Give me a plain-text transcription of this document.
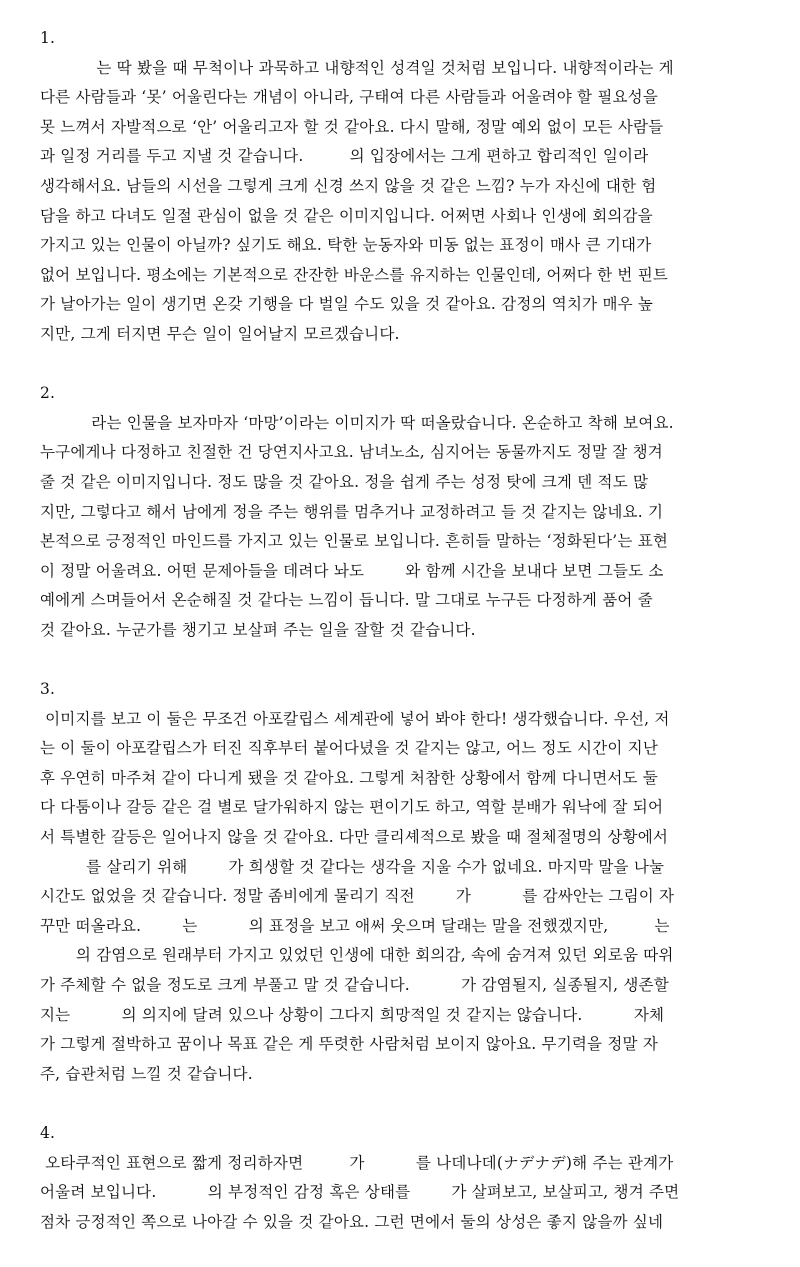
1.
는 딱 봤을 때 무척이나 과묵하고 내향적인 성격일 것처럼 보입니다. 내향적이라는 게
다른 사람들과 ‘못’ 어울린다는 개념이 아니라, 구태여 다른 사람들과 어울려야 할 필요성을
못 느껴서 자발적으로 ‘안’ 어울리고자 할 것 같아요. 다시 말해, 정말 예외 없이 모든 사람들
과 일정 거리를 두고 지낼 것 같습니다.         의 입장에서는 그게 편하고 합리적인 일이라
생각해서요. 남들의 시선을 그렇게 크게 신경 쓰지 않을 것 같은 느낌? 누가 자신에 대한 험
담을 하고 다녀도 일절 관심이 없을 것 같은 이미지입니다. 어쩌면 사회나 인생에 회의감을
가지고 있는 인물이 아닐까? 싶기도 해요. 탁한 눈동자와 미동 없는 표정이 매사 큰 기대가
없어 보입니다. 평소에는 기본적으로 잔잔한 바운스를 유지하는 인물인데, 어쩌다 한 번 핀트
가 날아가는 일이 생기면 온갖 기행을 다 벌일 수도 있을 것 같아요. 감정의 역치가 매우 높
지만, 그게 터지면 무슨 일이 일어날지 모르겠습니다.
2.
라는 인물을 보자마자 ‘마망’이라는 이미지가 딱 떠올랐습니다. 온순하고 착해 보여요.
누구에게나 다정하고 친절한 건 당연지사고요. 남녀노소, 심지어는 동물까지도 정말 잘 챙겨
줄 것 같은 이미지입니다. 정도 많을 것 같아요. 정을 쉽게 주는 성정 탓에 크게 덴 적도 많
지만, 그렇다고 해서 남에게 정을 주는 행위를 멈추거나 교정하려고 들 것 같지는 않네요. 기
본적으로 긍정적인 마인드를 가지고 있는 인물로 보입니다. 흔히들 말하는 ‘정화된다’는 표현
이 정말 어울려요. 어떤 문제아들을 데려다 놔도        와 함께 시간을 보내다 보면 그들도 소
예에게 스며들어서 온순해질 것 같다는 느낌이 듭니다. 말 그대로 누구든 다정하게 품어 줄
것 같아요. 누군가를 챙기고 보살펴 주는 일을 잘할 것 같습니다.
3.
이미지를 보고 이 둘은 무조건 아포칼립스 세계관에 넣어 봐야 한다! 생각했습니다. 우선, 저
는 이 둘이 아포칼립스가 터진 직후부터 붙어다녔을 것 같지는 않고, 어느 정도 시간이 지난
후 우연히 마주쳐 같이 다니게 됐을 것 같아요. 그렇게 처참한 상황에서 함께 다니면서도 둘
다 다툼이나 갈등 같은 걸 별로 달가워하지 않는 편이기도 하고, 역할 분배가 워낙에 잘 되어
서 특별한 갈등은 일어나지 않을 것 같아요. 다만 클리셰적으로 봤을 때 절체절명의 상황에서
를 살리기 위해        가 희생할 것 같다는 생각을 지울 수가 없네요. 마지막 말을 나눌
시간도 없었을 것 같습니다. 정말 좀비에게 물리기 직전        가          를 감싸안는 그림이 자
꾸만 떠올라요.        는          의 표정을 보고 애써 웃으며 달래는 말을 전했겠지만,         는
의 감염으로 원래부터 가지고 있었던 인생에 대한 회의감, 속에 숨겨져 있던 외로움 따위
가 주체할 수 없을 정도로 크게 부풀고 말 것 같습니다.          가 감염될지, 실종될지, 생존할
지는          의 의지에 달려 있으나 상황이 그다지 희망적일 것 같지는 않습니다.          자체
가 그렇게 절박하고 꿈이나 목표 같은 게 뚜렷한 사람처럼 보이지 않아요. 무기력을 정말 자
주, 습관처럼 느낄 것 같습니다.
4.
오타쿠적인 표현으로 짧게 정리하자면         가          를 나데나데(ナデナデ)해 주는 관계가
어울려 보입니다.          의 부정적인 감정 혹은 상태를        가 살펴보고, 보살피고, 챙겨 주면
점차 긍정적인 쪽으로 나아갈 수 있을 것 같아요. 그런 면에서 둘의 상성은 좋지 않을까 싶네
